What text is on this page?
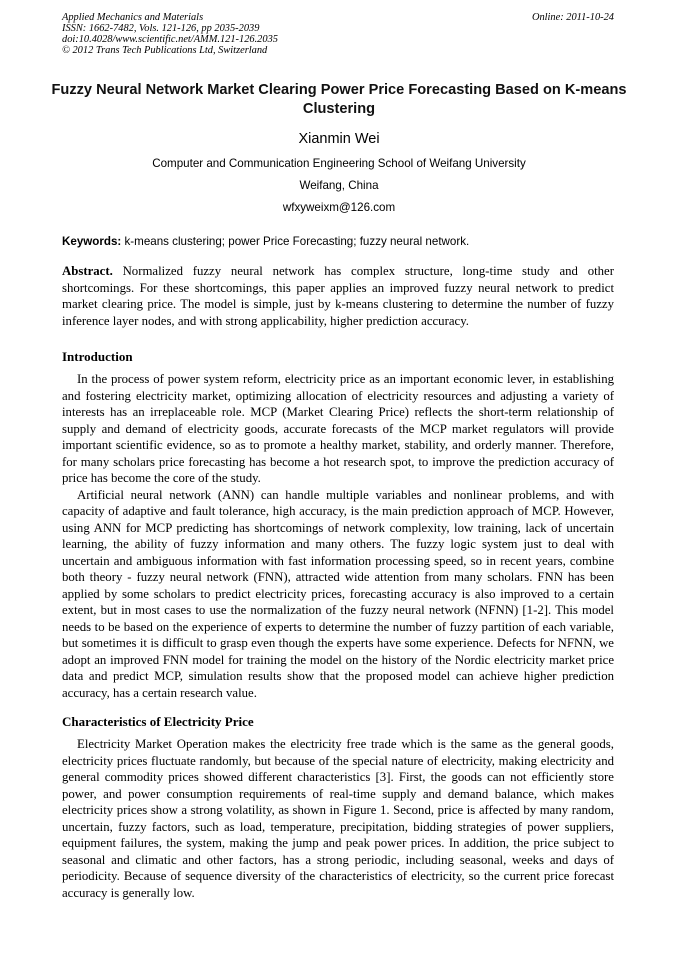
Applied Mechanics and Materials
ISSN: 1662-7482, Vols. 121-126, pp 2035-2039
doi:10.4028/www.scientific.net/AMM.121-126.2035
© 2012 Trans Tech Publications Ltd, Switzerland
Online: 2011-10-24
Fuzzy Neural Network Market Clearing Power Price Forecasting Based on K-means Clustering
Xianmin Wei
Computer and Communication Engineering School of Weifang University
Weifang, China
wfxyweixm@126.com
Keywords: k-means clustering; power Price Forecasting; fuzzy neural network.

Abstract. Normalized fuzzy neural network has complex structure, long-time study and other shortcomings. For these shortcomings, this paper applies an improved fuzzy neural network to predict market clearing price. The model is simple, just by k-means clustering to determine the number of fuzzy inference layer nodes, and with strong applicability, higher prediction accuracy.

Introduction

In the process of power system reform, electricity price as an important economic lever, in establishing and fostering electricity market, optimizing allocation of electricity resources and adjusting a variety of interests has an irreplaceable role. MCP (Market Clearing Price) reflects the short-term relationship of supply and demand of electricity goods, accurate forecasts of the MCP market regulators will provide important scientific evidence, so as to promote a healthy market, stability, and orderly manner. Therefore, for many scholars price forecasting has become a hot research spot, to improve the prediction accuracy of price has become the core of the study.

Artificial neural network (ANN) can handle multiple variables and nonlinear problems, and with capacity of adaptive and fault tolerance, high accuracy, is the main prediction approach of MCP. However, using ANN for MCP predicting has shortcomings of network complexity, low training, lack of uncertain learning, the ability of fuzzy information and many others. The fuzzy logic system just to deal with uncertain and ambiguous information with fast information processing speed, so in recent years, combine both theory - fuzzy neural network (FNN), attracted wide attention from many scholars. FNN has been applied by some scholars to predict electricity prices, forecasting accuracy is also improved to a certain extent, but in most cases to use the normalization of the fuzzy neural network (NFNN) [1-2]. This model needs to be based on the experience of experts to determine the number of fuzzy partition of each variable, but sometimes it is difficult to grasp even though the experts have some experience. Defects for NFNN, we adopt an improved FNN model for training the model on the history of the Nordic electricity market price data and predict MCP, simulation results show that the proposed model can achieve higher prediction accuracy, has a certain research value.

Characteristics of Electricity Price

Electricity Market Operation makes the electricity free trade which is the same as the general goods, electricity prices fluctuate randomly, but because of the special nature of electricity, making electricity and general commodity prices showed different characteristics [3]. First, the goods can not efficiently store power, and power consumption requirements of real-time supply and demand balance, which makes electricity prices show a strong volatility, as shown in Figure 1. Second, price is affected by many random, uncertain, fuzzy factors, such as load, temperature, precipitation, bidding strategies of power suppliers, equipment failures, the system, making the jump and peak power prices. In addition, the price subject to seasonal and climatic and other factors, has a strong periodic, including seasonal, weeks and days of periodicity. Because of sequence diversity of the characteristics of electricity, so the current price forecast accuracy is generally low.
